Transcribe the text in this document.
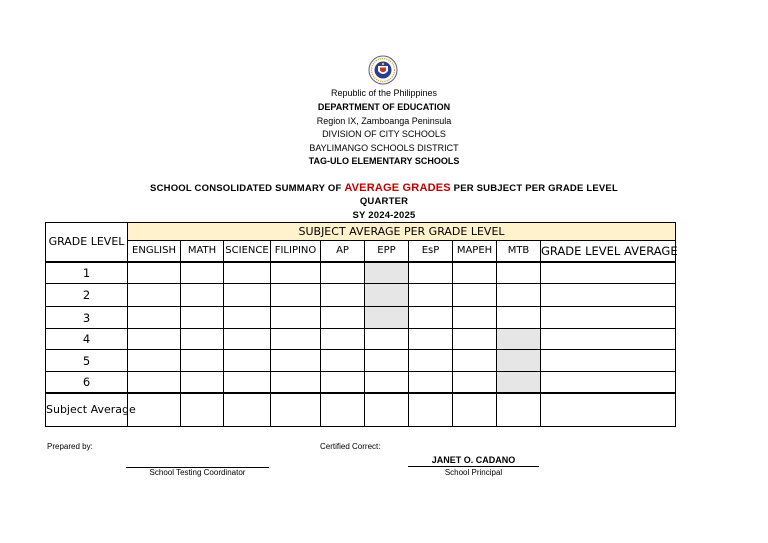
Republic of the Philippines
DEPARTMENT OF EDUCATION
Region IX, Zamboanga Peninsula
DIVISION OF CITY SCHOOLS
BAYLIMANGO SCHOOLS DISTRICT
TAG-ULO ELEMENTARY SCHOOLS
SCHOOL CONSOLIDATED SUMMARY OF AVERAGE GRADES PER SUBJECT PER GRADE LEVEL
QUARTER
SY 2024-2025
GRADE LEVEL	SUBJECT AVERAGE PER GRADE LEVEL									
	ENGLISH	MATH	SCIENCE	FILIPINO	AP	EPP	EsP	MAPEH	MTB	GRADE LEVEL AVERAGE
1										
2										
3										
4										
5										
6										
Subject Average										
Prepared by:	Certified Correct:
School Testing Coordinator
JANET O. CADANO
School Principal
